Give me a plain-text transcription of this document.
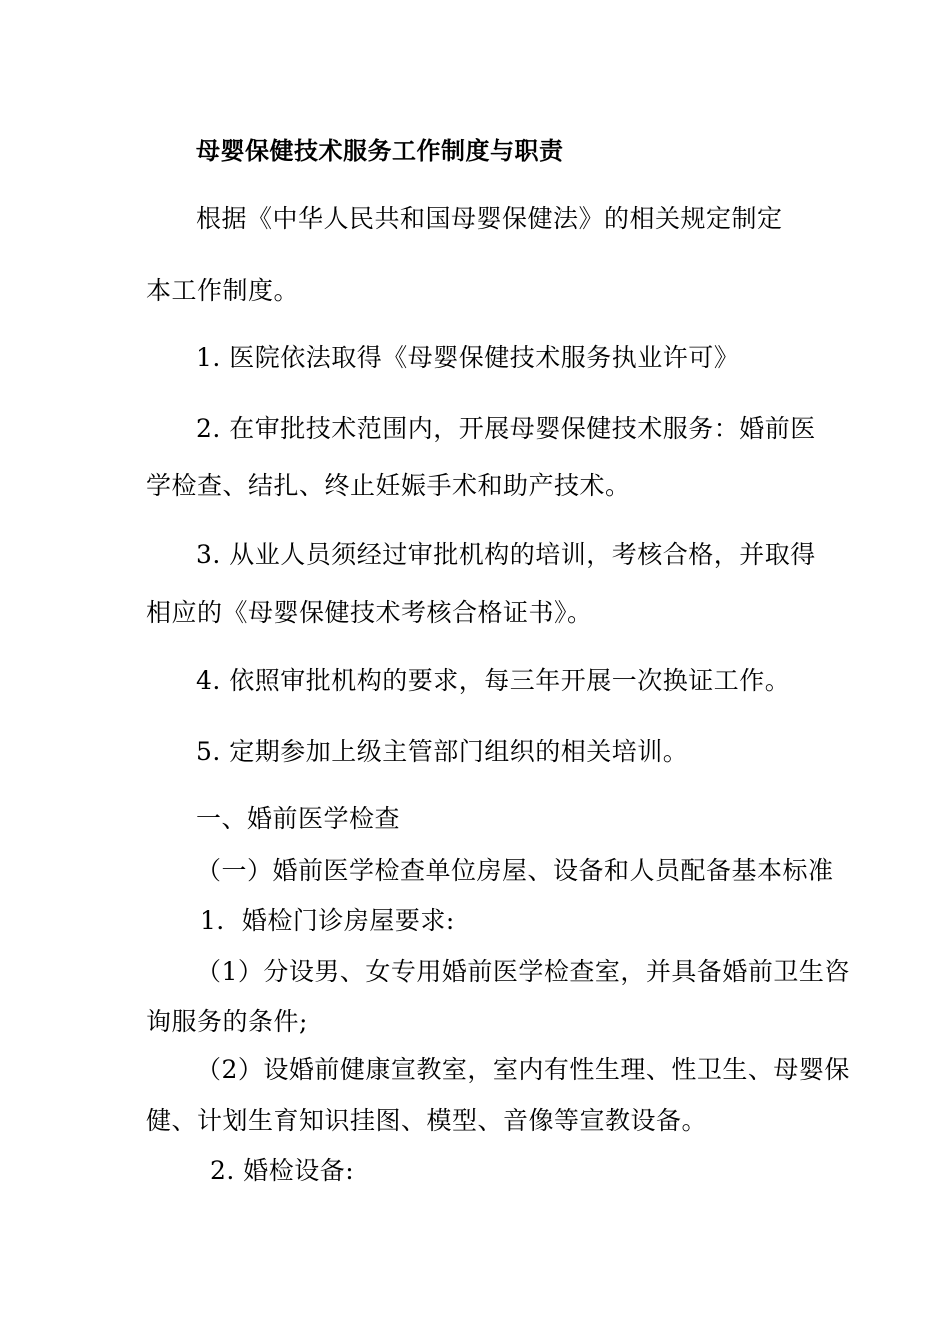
母婴保健技术服务工作制度与职责
根据《中华人民共和国母婴保健法》的相关规定制定
本工作制度。
1. 医院依法取得《母婴保健技术服务执业许可》
2. 在审批技术范围内，开展母婴保健技术服务：婚前医
学检查、结扎、终止妊娠手术和助产技术。
3. 从业人员须经过审批机构的培训，考核合格，并取得
相应的《母婴保健技术考核合格证书》。
4. 依照审批机构的要求，每三年开展一次换证工作。
5. 定期参加上级主管部门组织的相关培训。
一、婚前医学检查
（一）婚前医学检查单位房屋、设备和人员配备基本标准
1．婚检门诊房屋要求:
（1）分设男、女专用婚前医学检查室，并具备婚前卫生咨
询服务的条件;
（2）设婚前健康宣教室，室内有性生理、性卫生、母婴保
健、计划生育知识挂图、模型、音像等宣教设备。
2. 婚检设备:
